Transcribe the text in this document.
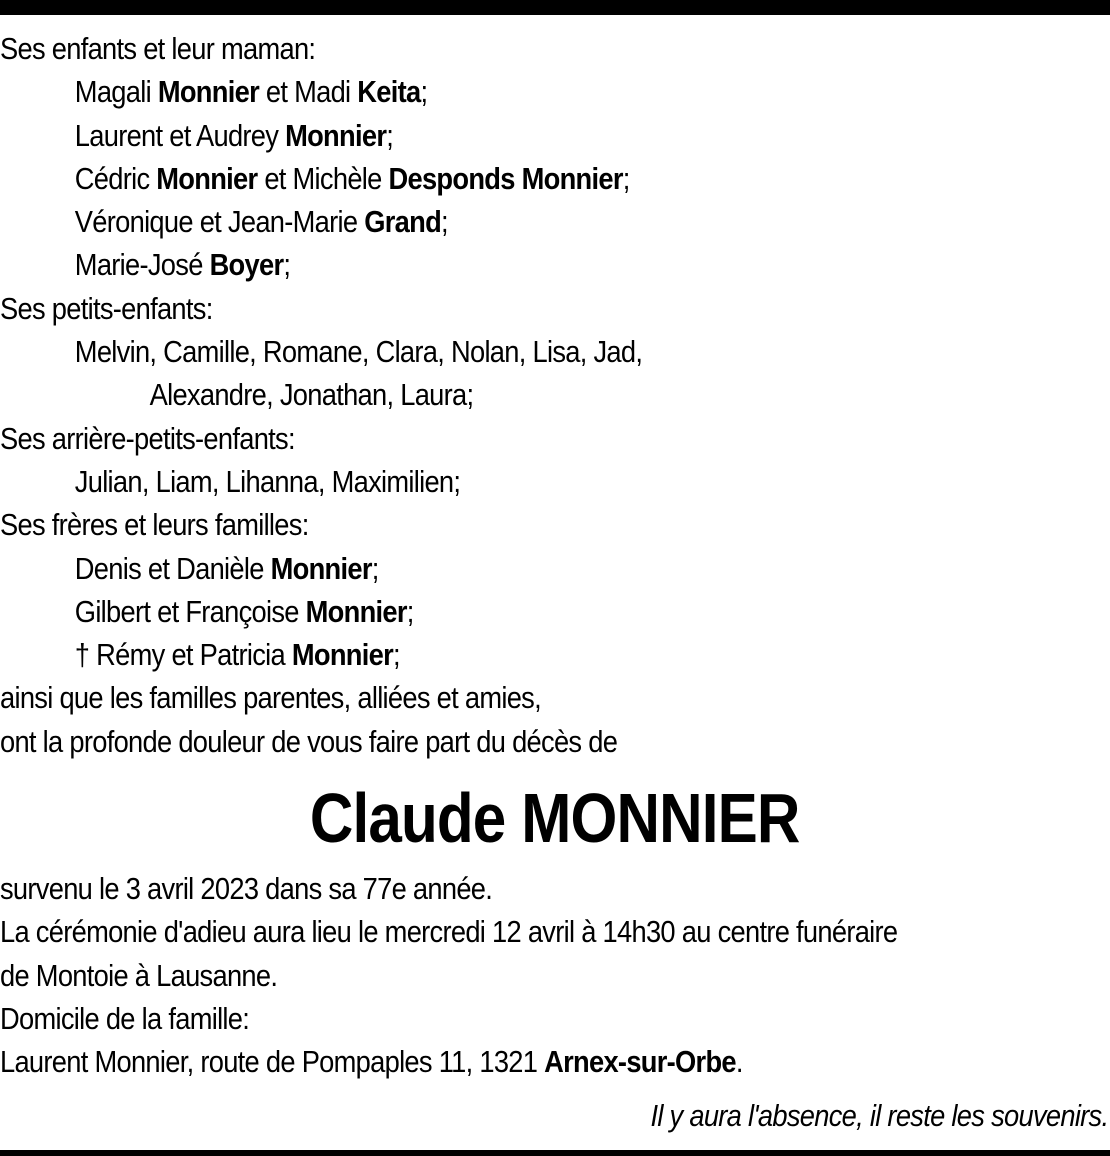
Ses enfants et leur maman:
Magali Monnier et Madi Keita;
Laurent et Audrey Monnier;
Cédric Monnier et Michèle Desponds Monnier;
Véronique et Jean-Marie Grand;
Marie-José Boyer;
Ses petits-enfants:
Melvin, Camille, Romane, Clara, Nolan, Lisa, Jad,
Alexandre, Jonathan, Laura;
Ses arrière-petits-enfants:
Julian, Liam, Lihanna, Maximilien;
Ses frères et leurs familles:
Denis et Danièle Monnier;
Gilbert et Françoise Monnier;
† Rémy et Patricia Monnier;
ainsi que les familles parentes, alliées et amies,
ont la profonde douleur de vous faire part du décès de
Claude MONNIER
survenu le 3 avril 2023 dans sa 77e année.
La cérémonie d'adieu aura lieu le mercredi 12 avril à 14h30 au centre funéraire
de Montoie à Lausanne.
Domicile de la famille:
Laurent Monnier, route de Pompaples 11, 1321 Arnex-sur-Orbe.
Il y aura l'absence, il reste les souvenirs.
